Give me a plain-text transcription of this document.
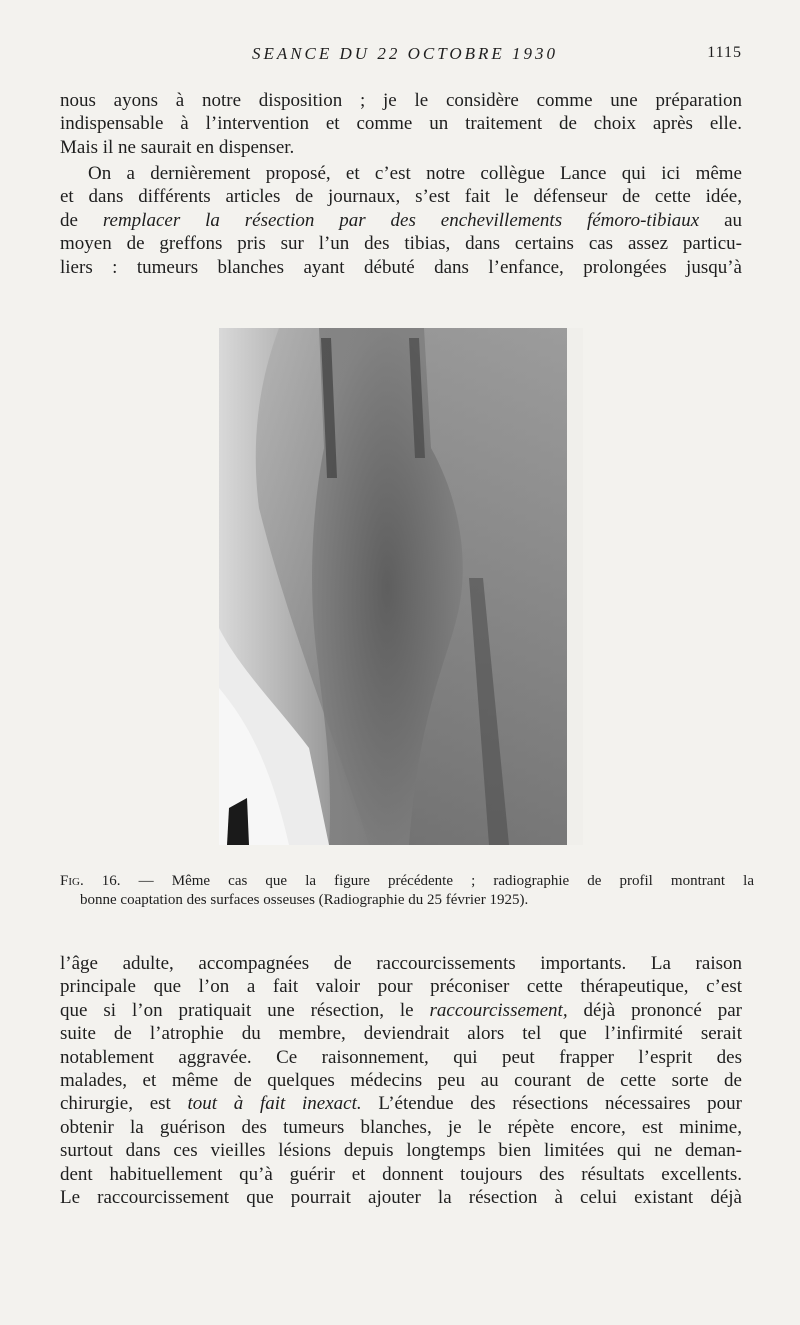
SEANCE DU 22 OCTOBRE 1930	1115
nous ayons à notre disposition ; je le considère comme une préparation
indispensable à l’intervention et comme un traitement de choix après elle.
Mais il ne saurait en dispenser.
On a dernièrement proposé, et c’est notre collègue Lance qui ici même
et dans différents articles de journaux, s’est fait le défenseur de cette idée,
de remplacer la résection par des enchevillements fémoro-tibiaux au
moyen de greffons pris sur l’un des tibias, dans certains cas assez particu-
liers : tumeurs blanches ayant débuté dans l’enfance, prolongées jusqu’à
Fig. 16. — Même cas que la figure précédente ; radiographie de profil montrant la
bonne coaptation des surfaces osseuses (Radiographie du 25 février 1925).
l’âge adulte, accompagnées de raccourcissements importants. La raison
principale que l’on a fait valoir pour préconiser cette thérapeutique, c’est
que si l’on pratiquait une résection, le raccourcissement, déjà prononcé par
suite de l’atrophie du membre, deviendrait alors tel que l’infirmité serait
notablement aggravée. Ce raisonnement, qui peut frapper l’esprit des
malades, et même de quelques médecins peu au courant de cette sorte de
chirurgie, est tout à fait inexact. L’étendue des résections nécessaires pour
obtenir la guérison des tumeurs blanches, je le répète encore, est minime,
surtout dans ces vieilles lésions depuis longtemps bien limitées qui ne deman-
dent habituellement qu’à guérir et donnent toujours des résultats excellents.
Le raccourcissement que pourrait ajouter la résection à celui existant déjà
